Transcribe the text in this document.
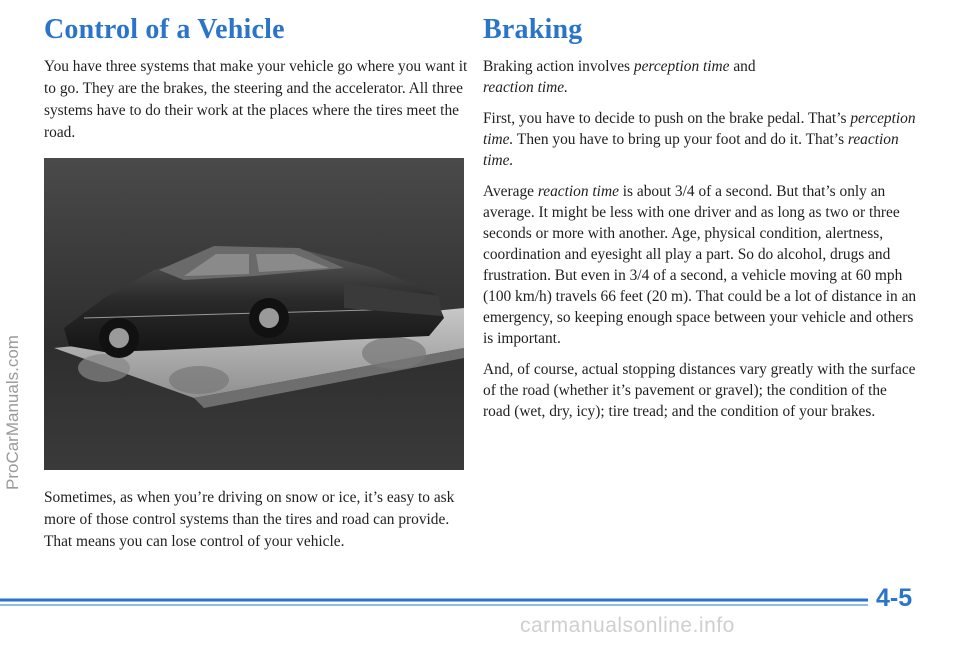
Control of a Vehicle

You have three systems that make your vehicle go where you want it to go. They are the brakes, the steering and the accelerator. All three systems have to do their work at the places where the tires meet the road.

Sometimes, as when you’re driving on snow or ice, it’s easy to ask more of those control systems than the tires and road can provide. That means you can lose control of your vehicle.

Braking

Braking action involves perception time and
reaction time.

First, you have to decide to push on the brake pedal. That’s perception time. Then you have to bring up your foot and do it. That’s reaction time.

Average reaction time is about 3/4 of a second. But that’s only an average. It might be less with one driver and as long as two or three seconds or more with another. Age, physical condition, alertness, coordination and eyesight all play a part. So do alcohol, drugs and frustration. But even in 3/4 of a second, a vehicle moving at 60 mph (100 km/h) travels 66 feet (20 m). That could be a lot of distance in an emergency, so keeping enough space between your vehicle and others is important.

And, of course, actual stopping distances vary greatly with the surface of the road (whether it’s pavement or gravel); the condition of the road (wet, dry, icy); tire tread; and the condition of your brakes.

4-5
ProCarManuals.com
carmanualsonline.info
